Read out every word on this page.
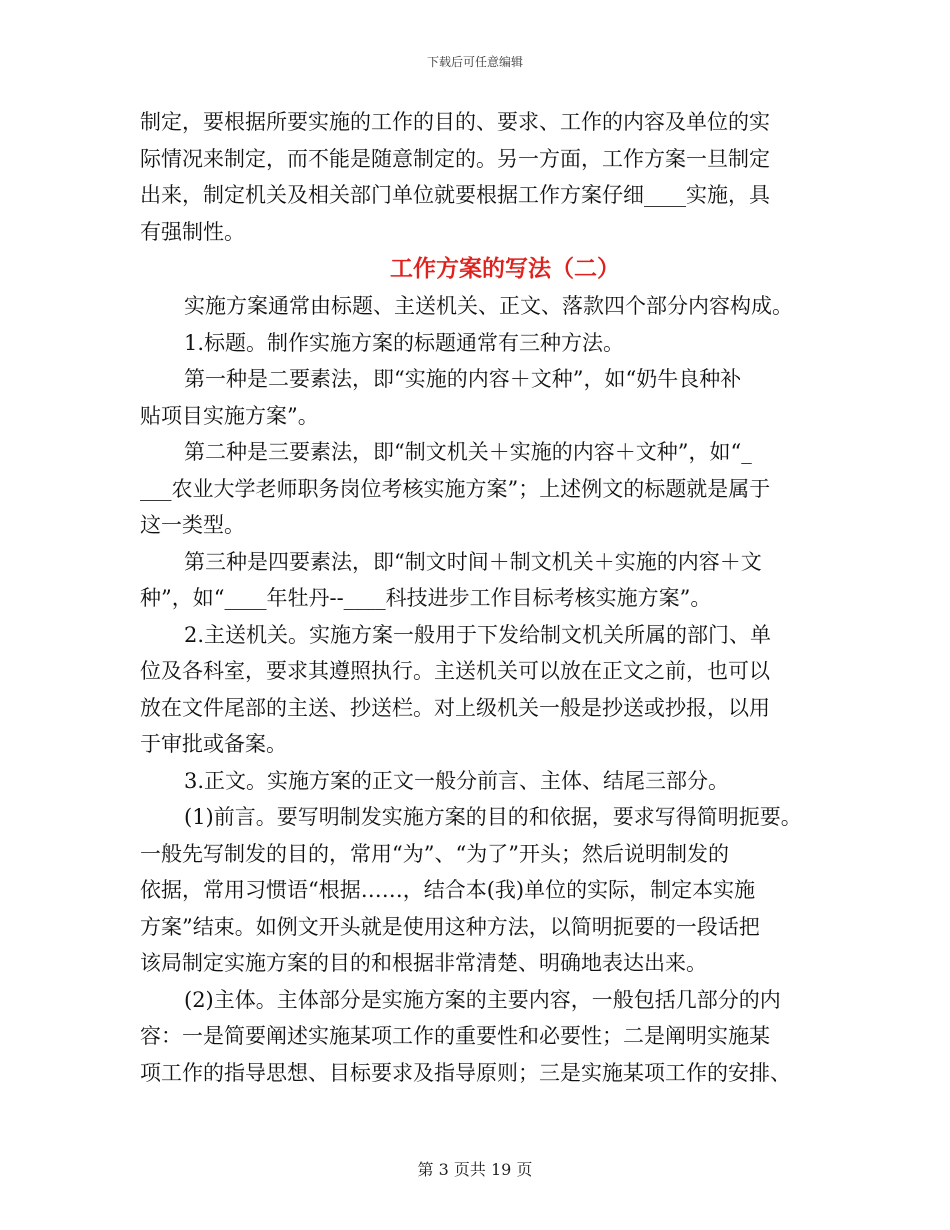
下载后可任意编辑
制定，要根据所要实施的工作的目的、要求、工作的内容及单位的实
际情况来制定，而不能是随意制定的。另一方面，工作方案一旦制定
出来，制定机关及相关部门单位就要根据工作方案仔细____实施，具
有强制性。
工作方案的写法（二）
实施方案通常由标题、主送机关、正文、落款四个部分内容构成。
1.标题。制作实施方案的标题通常有三种方法。
第一种是二要素法，即“实施的内容＋文种”，如“奶牛良种补
贴项目实施方案”。
第二种是三要素法，即“制文机关＋实施的内容＋文种”，如“_
___农业大学老师职务岗位考核实施方案”；上述例文的标题就是属于
这一类型。
第三种是四要素法，即“制文时间＋制文机关＋实施的内容＋文
种”，如“____年牡丹--____科技进步工作目标考核实施方案”。
2.主送机关。实施方案一般用于下发给制文机关所属的部门、单
位及各科室，要求其遵照执行。主送机关可以放在正文之前，也可以
放在文件尾部的主送、抄送栏。对上级机关一般是抄送或抄报，以用
于审批或备案。
3.正文。实施方案的正文一般分前言、主体、结尾三部分。
(1)前言。要写明制发实施方案的目的和依据，要求写得简明扼要。
一般先写制发的目的，常用“为”、“为了”开头；然后说明制发的
依据，常用习惯语“根据……，结合本(我)单位的实际，制定本实施
方案”结束。如例文开头就是使用这种方法，以简明扼要的一段话把
该局制定实施方案的目的和根据非常清楚、明确地表达出来。
(2)主体。主体部分是实施方案的主要内容，一般包括几部分的内
容：一是简要阐述实施某项工作的重要性和必要性；二是阐明实施某
项工作的指导思想、目标要求及指导原则；三是实施某项工作的安排、
第 3 页共 19 页
